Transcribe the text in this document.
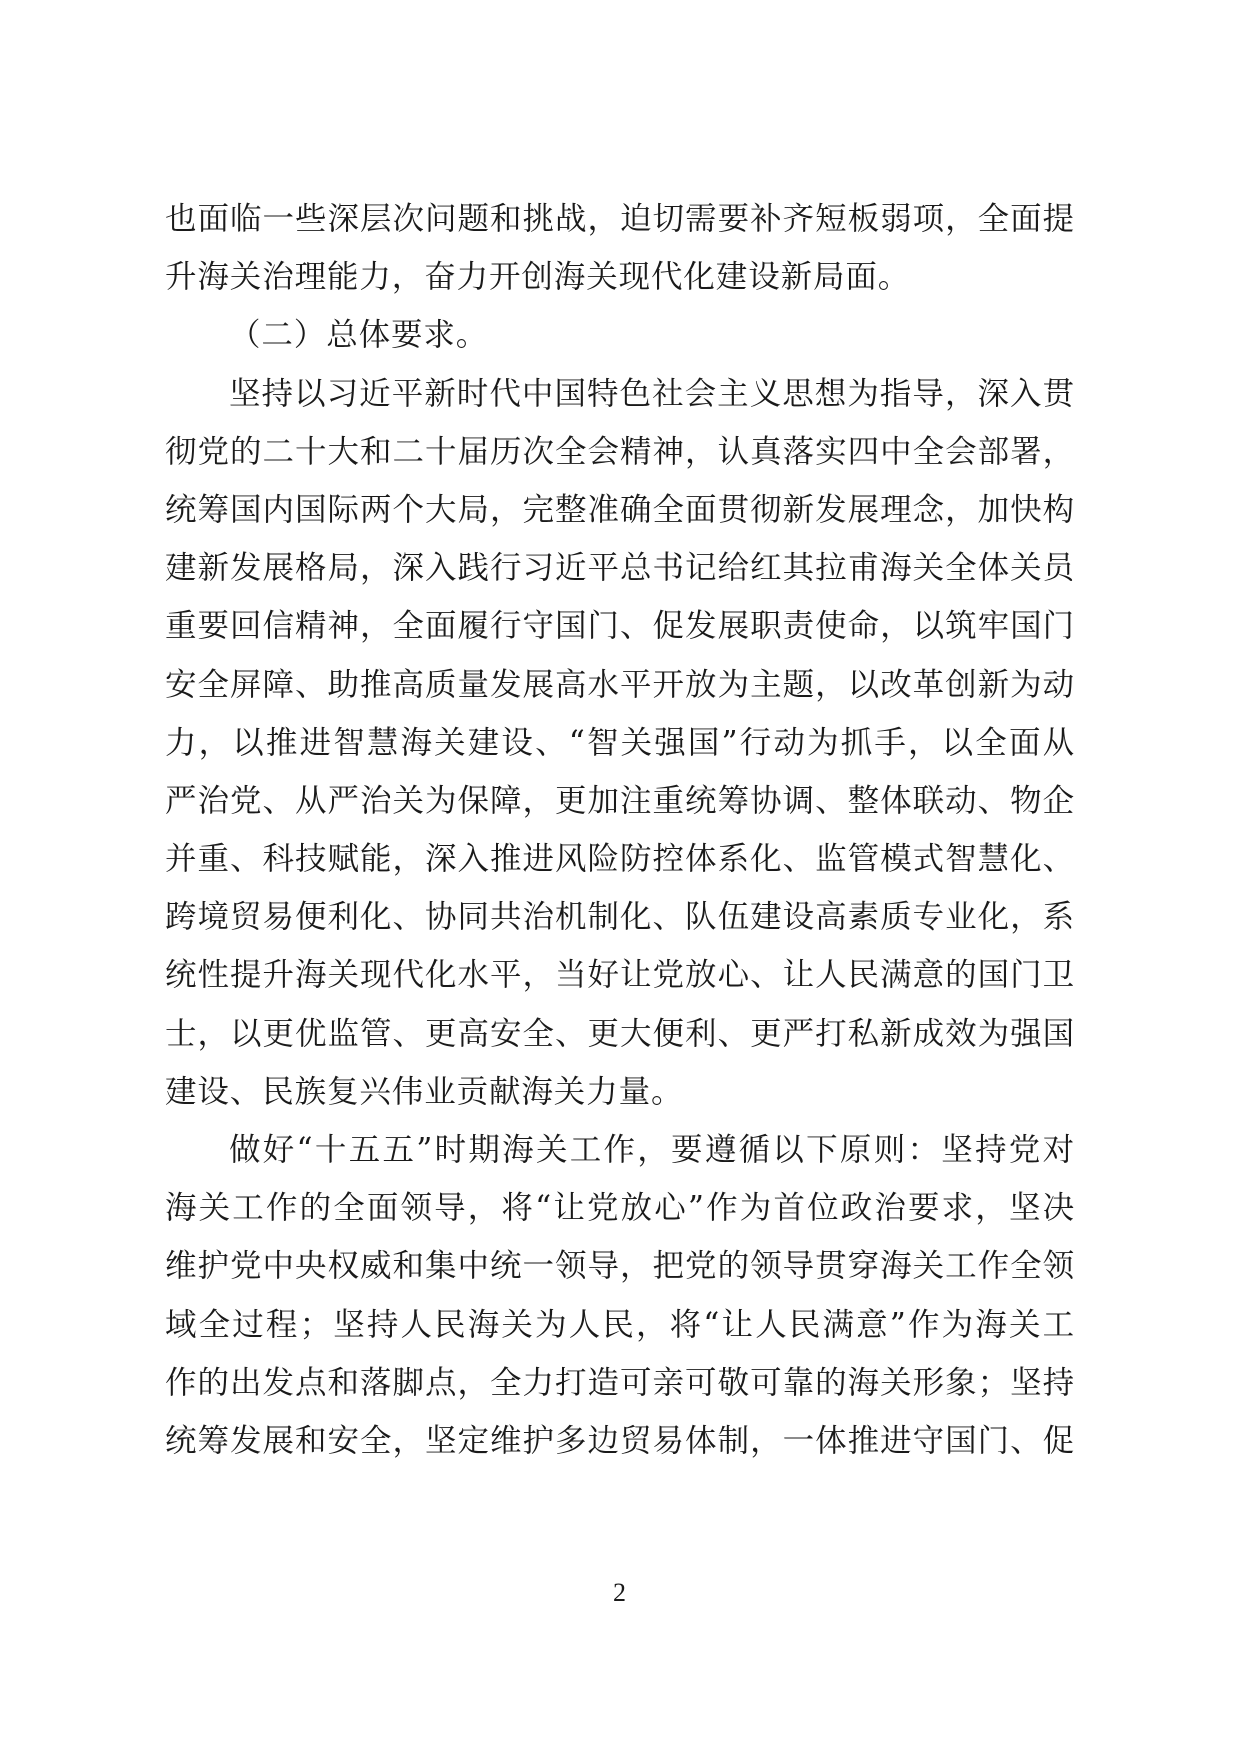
也面临一些深层次问题和挑战，迫切需要补齐短板弱项，全面提
升海关治理能力，奋力开创海关现代化建设新局面。
（二）总体要求。
坚持以习近平新时代中国特色社会主义思想为指导，深入贯
彻党的二十大和二十届历次全会精神，认真落实四中全会部署，
统筹国内国际两个大局，完整准确全面贯彻新发展理念，加快构
建新发展格局，深入践行习近平总书记给红其拉甫海关全体关员
重要回信精神，全面履行守国门、促发展职责使命，以筑牢国门
安全屏障、助推高质量发展高水平开放为主题，以改革创新为动
力，以推进智慧海关建设、“智关强国”行动为抓手，以全面从
严治党、从严治关为保障，更加注重统筹协调、整体联动、物企
并重、科技赋能，深入推进风险防控体系化、监管模式智慧化、
跨境贸易便利化、协同共治机制化、队伍建设高素质专业化，系
统性提升海关现代化水平，当好让党放心、让人民满意的国门卫
士，以更优监管、更高安全、更大便利、更严打私新成效为强国
建设、民族复兴伟业贡献海关力量。
做好“十五五”时期海关工作，要遵循以下原则：坚持党对
海关工作的全面领导，将“让党放心”作为首位政治要求，坚决
维护党中央权威和集中统一领导，把党的领导贯穿海关工作全领
域全过程；坚持人民海关为人民，将“让人民满意”作为海关工
作的出发点和落脚点，全力打造可亲可敬可靠的海关形象；坚持
统筹发展和安全，坚定维护多边贸易体制，一体推进守国门、促
2
